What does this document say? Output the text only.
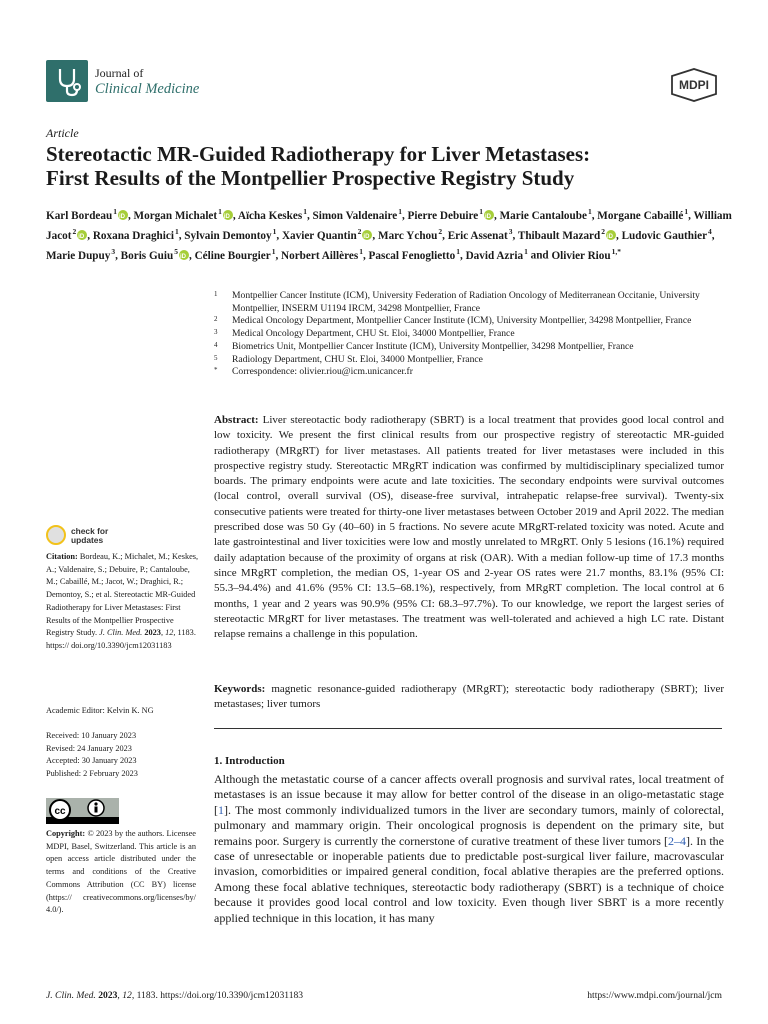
Journal of
Clinical Medicine	MDPI
Article
Stereotactic MR-Guided Radiotherapy for Liver Metastases:
First Results of the Montpellier Prospective Registry Study
Karl Bordeau$^1$ iD , Morgan Michalet$^1$ iD , Aïcha Keskes$^1$, Simon Valdenaire$^1$, Pierre Debuire$^1$ iD , Marie Cantaloube$^1$, Morgane Cabaillé$^1$, William Jacot$^2$ iD , Roxana Draghici$^1$, Sylvain Demontoy$^1$, Xavier Quantin$^2$ iD , Marc Ychou$^2$, Eric Assenat$^3$, Thibault Mazard$^2$ iD , Ludovic Gauthier$^4$, Marie Dupuy$^3$, Boris Guiu$^5$ iD , Céline Bourgier$^1$, Norbert Aillères$^1$, Pascal Fenoglietto$^1$, David Azria$^1$ and Olivier Riou$^{1,*}$
1 Montpellier Cancer Institute (ICM), University Federation of Radiation Oncology of Mediterranean Occitanie, University Montpellier, INSERM U1194 IRCM, 34298 Montpellier, France
2 Medical Oncology Department, Montpellier Cancer Institute (ICM), University Montpellier, 34298 Montpellier, France
3 Medical Oncology Department, CHU St. Eloi, 34000 Montpellier, France
4 Biometrics Unit, Montpellier Cancer Institute (ICM), University Montpellier, 34298 Montpellier, France
5 Radiology Department, CHU St. Eloi, 34000 Montpellier, France
* Correspondence: olivier.riou@icm.unicancer.fr
Abstract: Liver stereotactic body radiotherapy (SBRT) is a local treatment that provides good local control and low toxicity. We present the first clinical results from our prospective registry of stereotactic MR-guided radiotherapy (MRgRT) for liver metastases. All patients treated for liver metastases were included in this prospective registry study. Stereotactic MRgRT indication was confirmed by multidisciplinary specialized tumor boards. The primary endpoints were acute and late toxicities. The secondary endpoints were survival outcomes (local control, overall survival (OS), disease-free survival, intrahepatic relapse-free survival). Twenty-six consecutive patients were treated for thirty-one liver metastases between October 2019 and April 2022. The median prescribed dose was 50 Gy (40–60) in 5 fractions. No severe acute MRgRT-related toxicity was noted. Acute and late gastrointestinal and liver toxicities were low and mostly unrelated to MRgRT. Only 5 lesions (16.1%) required daily adaptation because of the proximity of organs at risk (OAR). With a median follow-up time of 17.3 months since MRgRT completion, the median OS, 1-year OS and 2-year OS rates were 21.7 months, 83.1% (95% CI: 55.3–94.4%) and 41.6% (95% CI: 13.5–68.1%), respectively, from MRgRT completion. The local control at 6 months, 1 year and 2 years was 90.9% (95% CI: 68.3–97.7%). To our knowledge, we report the largest series of stereotactic MRgRT for liver metastases. The treatment was well-tolerated and achieved a high LC rate. Distant relapse remains a challenge in this population.
Keywords: magnetic resonance-guided radiotherapy (MRgRT); stereotactic body radiotherapy (SBRT); liver metastases; liver tumors
1. Introduction
Although the metastatic course of a cancer affects overall prognosis and survival rates, local treatment of metastases is an issue because it may allow for better control of the disease in an oligo-metastatic stage [1]. The most commonly individualized tumors in the liver are secondary tumors, mainly of colorectal, pulmonary and mammary origin. Their oncological prognosis is dependent on the primary site, but remains poor. Surgery is currently the cornerstone of curative treatment of these liver tumors [2–4]. In the case of unresectable or inoperable patients due to predictable post-surgical liver failure, macrovascular invasion, comorbidities or impaired general condition, focal ablative therapies are the preferred options. Among these focal ablative techniques, stereotactic body radiotherapy (SBRT) is a technique of choice because it provides good local control and low toxicity. Even though liver SBRT is a more recently applied technique in this location, it has many
check for
updates
Citation: Bordeau, K.; Michalet, M.; Keskes, A.; Valdenaire, S.; Debuire, P.; Cantaloube, M.; Cabaillé, M.; Jacot, W.; Draghici, R.; Demontoy, S.; et al. Stereotactic MR-Guided Radiotherapy for Liver Metastases: First Results of the Montpellier Prospective Registry Study. J. Clin. Med. 2023, 12, 1183. https:// doi.org/10.3390/jcm12031183
Academic Editor: Kelvin K. NG
Received: 10 January 2023
Revised: 24 January 2023
Accepted: 30 January 2023
Published: 2 February 2023
cc
Copyright: © 2023 by the authors. Licensee MDPI, Basel, Switzerland. This article is an open access article distributed under the terms and conditions of the Creative Commons Attribution (CC BY) license (https:// creativecommons.org/licenses/by/ 4.0/).
J. Clin. Med. 2023, 12, 1183. https://doi.org/10.3390/jcm12031183	https://www.mdpi.com/journal/jcm
